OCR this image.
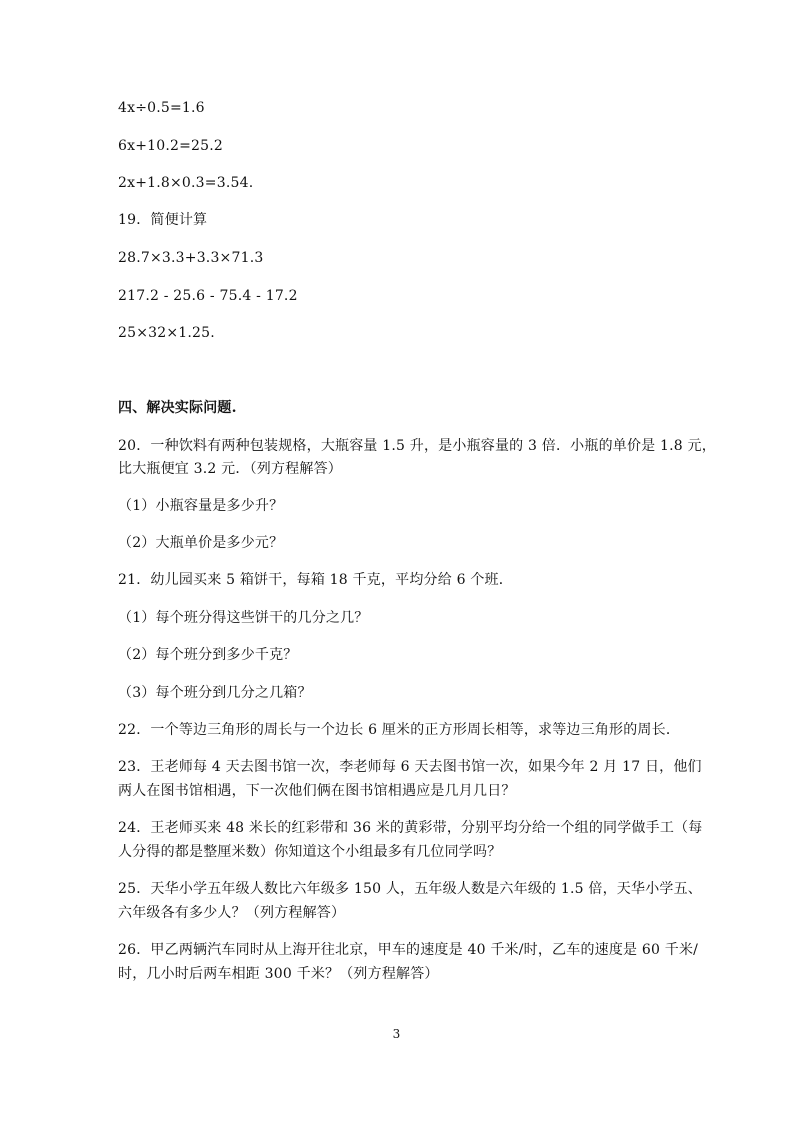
4x÷0.5=1.6
6x+10.2=25.2
2x+1.8×0.3=3.54.
19．简便计算
28.7×3.3+3.3×71.3
217.2 - 25.6 - 75.4 - 17.2
25×32×1.25.
四、解决实际问题.
20．一种饮料有两种包装规格，大瓶容量 1.5 升，是小瓶容量的 3 倍．小瓶的单价是 1.8 元，
比大瓶便宜 3.2 元．（列方程解答）
（1）小瓶容量是多少升？
（2）大瓶单价是多少元？
21．幼儿园买来 5 箱饼干，每箱 18 千克，平均分给 6 个班．
（1）每个班分得这些饼干的几分之几？
（2）每个班分到多少千克？
（3）每个班分到几分之几箱？
22．一个等边三角形的周长与一个边长 6 厘米的正方形周长相等，求等边三角形的周长．
23．王老师每 4 天去图书馆一次，李老师每 6 天去图书馆一次，如果今年 2 月 17 日，他们
两人在图书馆相遇，下一次他们俩在图书馆相遇应是几月几日？
24．王老师买来 48 米长的红彩带和 36 米的黄彩带，分别平均分给一个组的同学做手工（每
人分得的都是整厘米数）你知道这个小组最多有几位同学吗？
25．天华小学五年级人数比六年级多 150 人，五年级人数是六年级的 1.5 倍，天华小学五、
六年级各有多少人？（列方程解答）
26．甲乙两辆汽车同时从上海开往北京，甲车的速度是 40 千米/时，乙车的速度是 60 千米/
时，几小时后两车相距 300 千米？（列方程解答）
3
